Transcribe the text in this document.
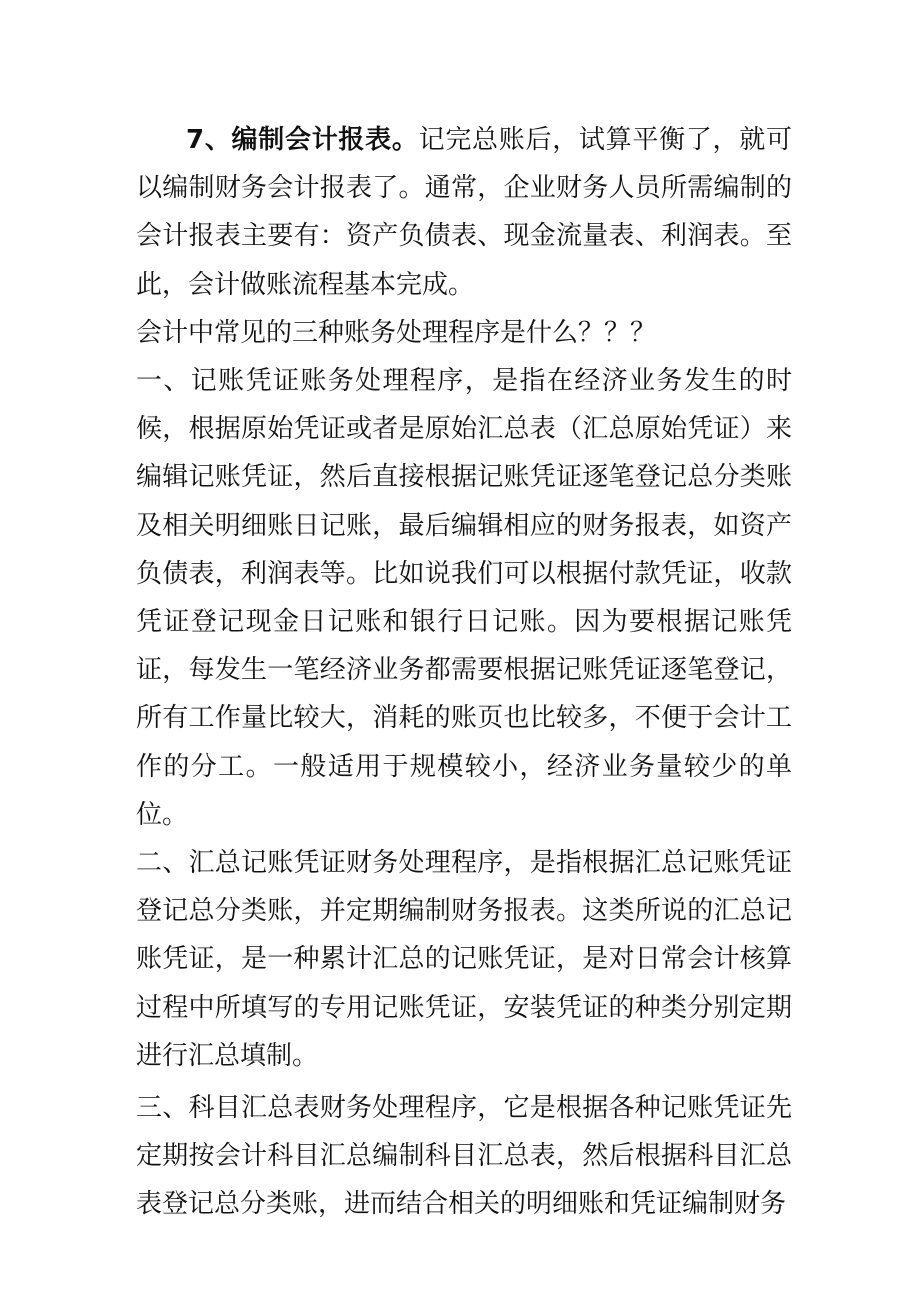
7、编制会计报表。记完总账后，试算平衡了，就可以编制财务会计报表了。通常，企业财务人员所需编制的会计报表主要有：资产负债表、现金流量表、利润表。至此，会计做账流程基本完成。

会计中常见的三种账务处理程序是什么？？？

一、记账凭证账务处理程序，是指在经济业务发生的时候，根据原始凭证或者是原始汇总表（汇总原始凭证）来编辑记账凭证，然后直接根据记账凭证逐笔登记总分类账及相关明细账日记账，最后编辑相应的财务报表，如资产负债表，利润表等。比如说我们可以根据付款凭证，收款凭证登记现金日记账和银行日记账。因为要根据记账凭证，每发生一笔经济业务都需要根据记账凭证逐笔登记，所有工作量比较大，消耗的账页也比较多，不便于会计工作的分工。一般适用于规模较小，经济业务量较少的单位。

二、汇总记账凭证财务处理程序，是指根据汇总记账凭证登记总分类账，并定期编制财务报表。这类所说的汇总记账凭证，是一种累计汇总的记账凭证，是对日常会计核算过程中所填写的专用记账凭证，安装凭证的种类分别定期进行汇总填制。

三、科目汇总表财务处理程序，它是根据各种记账凭证先定期按会计科目汇总编制科目汇总表，然后根据科目汇总表登记总分类账，进而结合相关的明细账和凭证编制财务
